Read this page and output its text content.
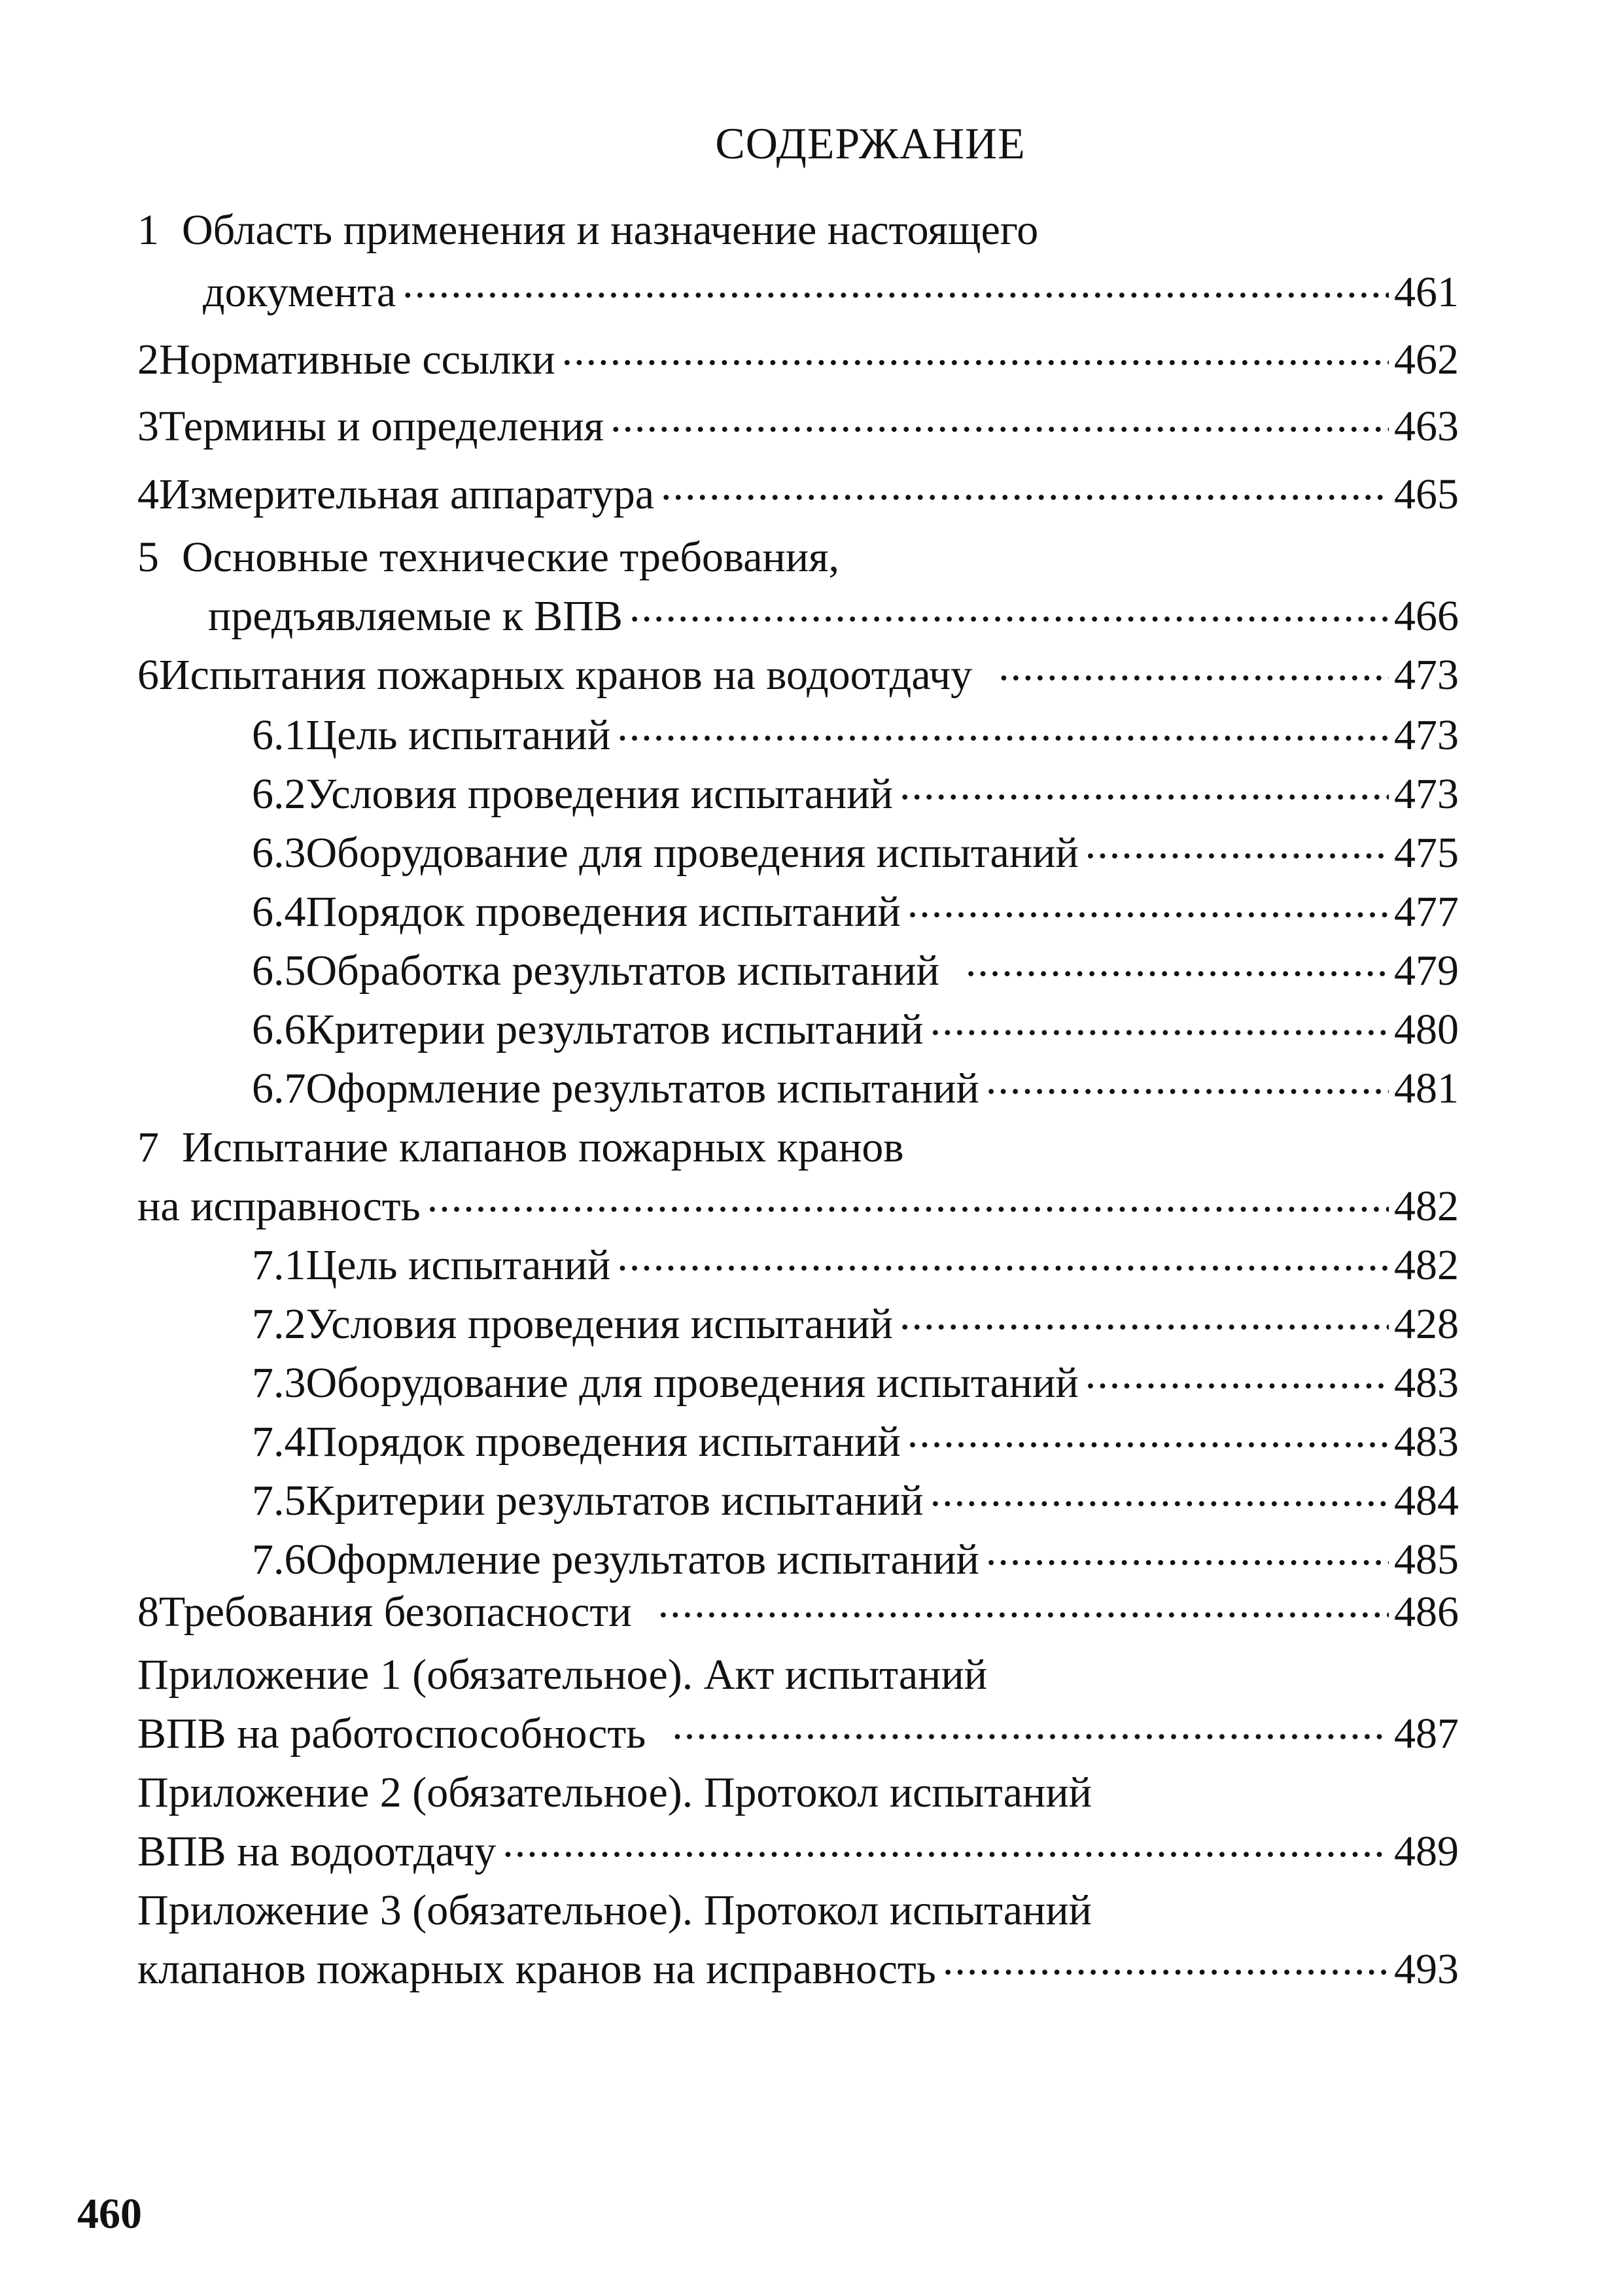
СОДЕРЖАНИЕ
1 Область применения и назначение настоящего
документа .....	461
2 Нормативные ссылки .....	462
3 Термины и определения .....	463
4 Измерительная аппаратура .....	465
5 Основные технические требования,
предъявляемые к ВПВ .....	466
6 Испытания пожарных кранов на водоотдачу .....	473
6.1 Цель испытаний .....	473
6.2 Условия проведения испытаний .....	473
6.3 Оборудование для проведения испытаний .....	475
6.4 Порядок проведения испытаний .....	477
6.5 Обработка результатов испытаний .....	479
6.6 Критерии результатов испытаний .....	480
6.7 Оформление результатов испытаний .....	481
7 Испытание клапанов пожарных кранов
на исправность .....	482
7.1 Цель испытаний .....	482
7.2 Условия проведения испытаний .....	428
7.3 Оборудование для проведения испытаний .....	483
7.4 Порядок проведения испытаний .....	483
7.5 Критерии результатов испытаний .....	484
7.6 Оформление результатов испытаний .....	485
8 Требования безопасности .....	486
Приложение 1 (обязательное). Акт испытаний
ВПВ на работоспособность .....	487
Приложение 2 (обязательное). Протокол испытаний
ВПВ на водоотдачу .....	489
Приложение 3 (обязательное). Протокол испытаний
клапанов пожарных кранов на исправность .....	493
460
